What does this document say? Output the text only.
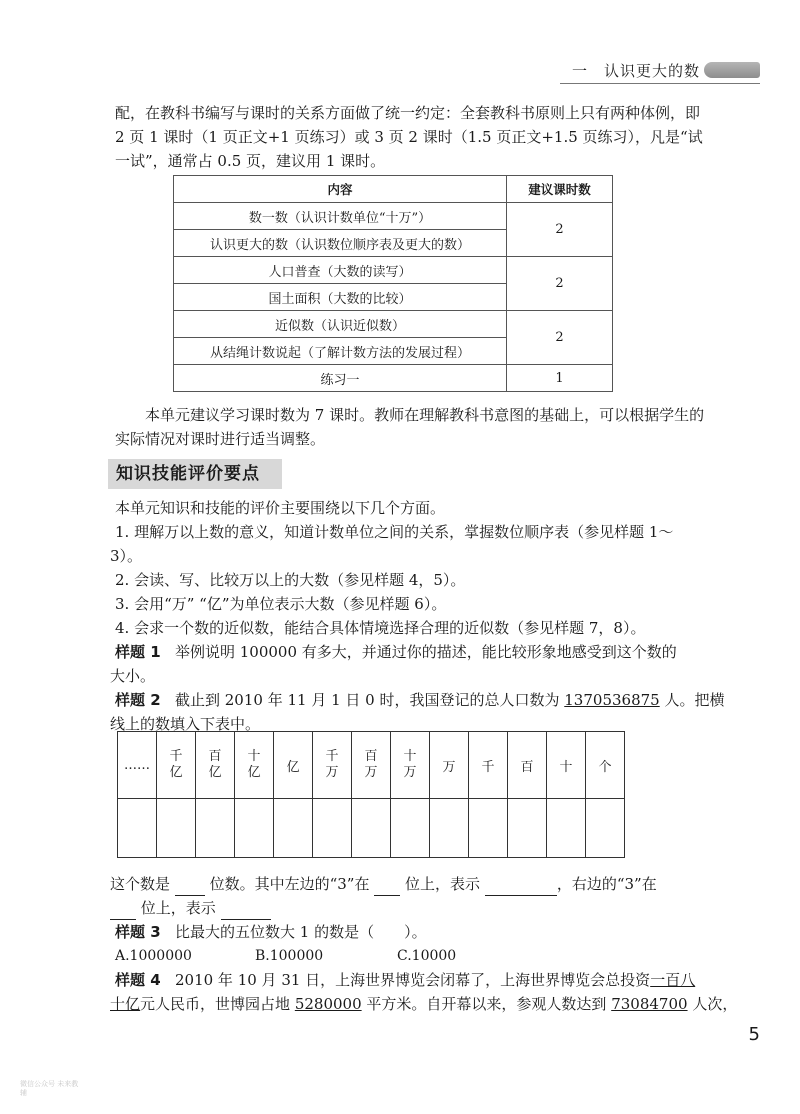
一　认识更大的数

配，在教科书编写与课时的关系方面做了统一约定：全套教科书原则上只有两种体例，即 2 页 1 课时（1 页正文+1 页练习）或 3 页 2 课时（1.5 页正文+1.5 页练习），凡是“试一试”，通常占 0.5 页，建议用 1 课时。

内容	建议课时数
数一数（认识计数单位“十万”）	2
认识更大的数（认识数位顺序表及更大的数）	
人口普查（大数的读写）	2
国土面积（大数的比较）	
近似数（认识近似数）	2
从结绳计数说起（了解计数方法的发展过程）	
练习一	1

本单元建议学习课时数为 7 课时。教师在理解教科书意图的基础上，可以根据学生的实际情况对课时进行适当调整。

知识技能评价要点
本单元知识和技能的评价主要围绕以下几个方面。
1. 理解万以上数的意义，知道计数单位之间的关系，掌握数位顺序表（参见样题 1～
3）。
2. 会读、写、比较万以上的大数（参见样题 4，5）。
3. 会用“万” “亿”为单位表示大数（参见样题 6）。
4. 会求一个数的近似数，能结合具体情境选择合理的近似数（参见样题 7，8）。
样题 1 举例说明 100000 有多大，并通过你的描述，能比较形象地感受到这个数的
大小。
样题 2 截止到 2010 年 11 月 1 日 0 时，我国登记的总人口数为 1370536875 人。把横
线上的数填入下表中。
……	千亿	百亿	十亿	亿	千万	百万	十万	万	千	百	十	个

这个数是	位数。其中左边的“3”在 位上，表示	，右边的“3”在
位上，表示
样题 3 比最大的五位数大 1 的数是（　　）。
A.1000000	B.100000	C.10000
样题 4 2010 年 10 月 31 日，上海世界博览会闭幕了，上海世界博览会总投资一百八
十亿元人民币，世博园占地 5280000 平方米。自开幕以来，参观人数达到 73084700 人次，
5
微信公众号 未来教辅
